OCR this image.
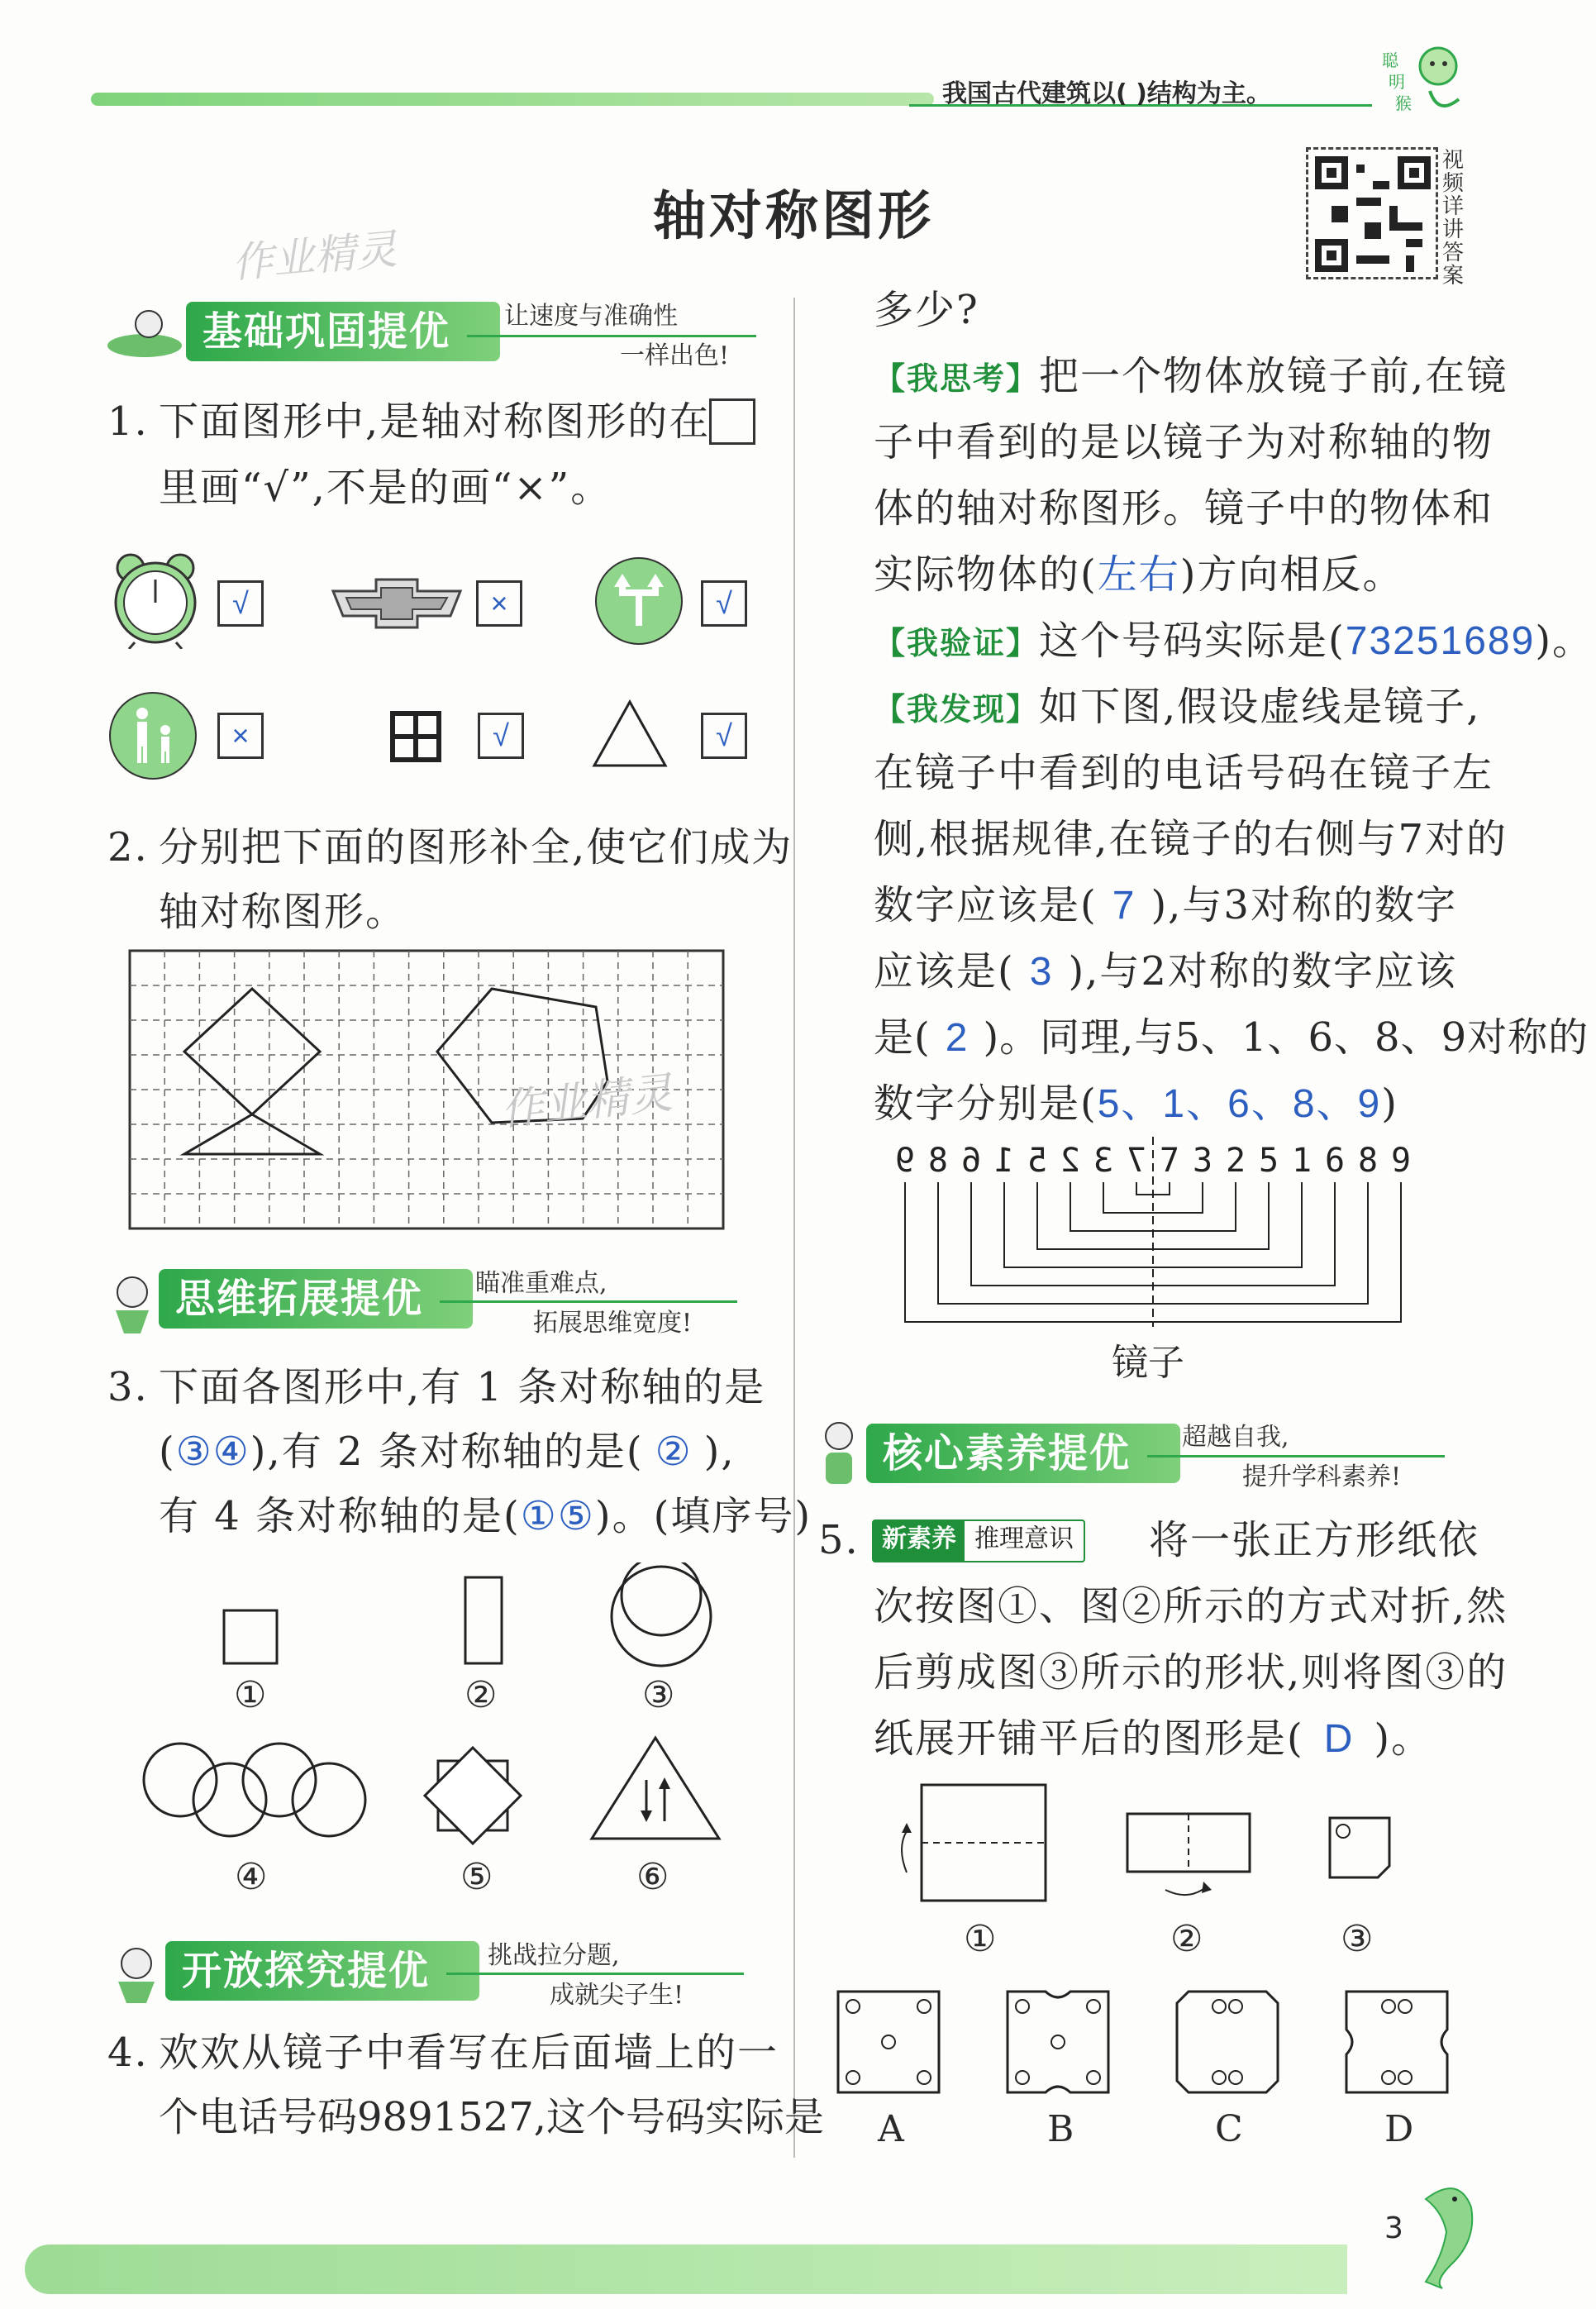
我国古代建筑以( )结构为主。
聪
明
猴
轴对称图形
视频详讲答案
作业精灵
基础巩固提优	让速度与准确性
一样出色!
1. 下面图形中,是轴对称图形的在
里画“√”,不是的画“×”。
√	×	√
×	√	√
2. 分别把下面的图形补全,使它们成为
轴对称图形。
作业精灵
思维拓展提优	瞄准重难点,
拓展思维宽度!
3. 下面各图形中,有 1 条对称轴的是
(③④),有 2 条对称轴的是( ② ),
有 4 条对称轴的是(①⑤)。(填序号)
①	②	③
④	⑤	⑥
开放探究提优	挑战拉分题,
成就尖子生!
4. 欢欢从镜子中看写在后面墙上的一
个电话号码9891527,这个号码实际是
多少?
【我思考】把一个物体放镜子前,在镜
子中看到的是以镜子为对称轴的物
体的轴对称图形。镜子中的物体和
实际物体的(左右)方向相反。
【我验证】这个号码实际是(73251689)。
【我发现】如下图,假设虚线是镜子,
在镜子中看到的电话号码在镜子左
侧,根据规律,在镜子的右侧与7对的
数字应该是( 7 ),与3对称的数字
应该是( 3 ),与2对称的数字应该
是( 2 )。同理,与5、1、6、8、9对称的
数字分别是(5、1、6、8、9)
9 8 6 1 5 2 3 7 7 3 2 5 1 6 8 9
镜子
核心素养提优	超越自我,
提升学科素养!
5. 新素养 推理意识 将一张正方形纸依
次按图①、图②所示的方式对折,然
后剪成图③所示的形状,则将图③的
纸展开铺平后的图形是( D )。
①	②	③
A	B	C	D
3
